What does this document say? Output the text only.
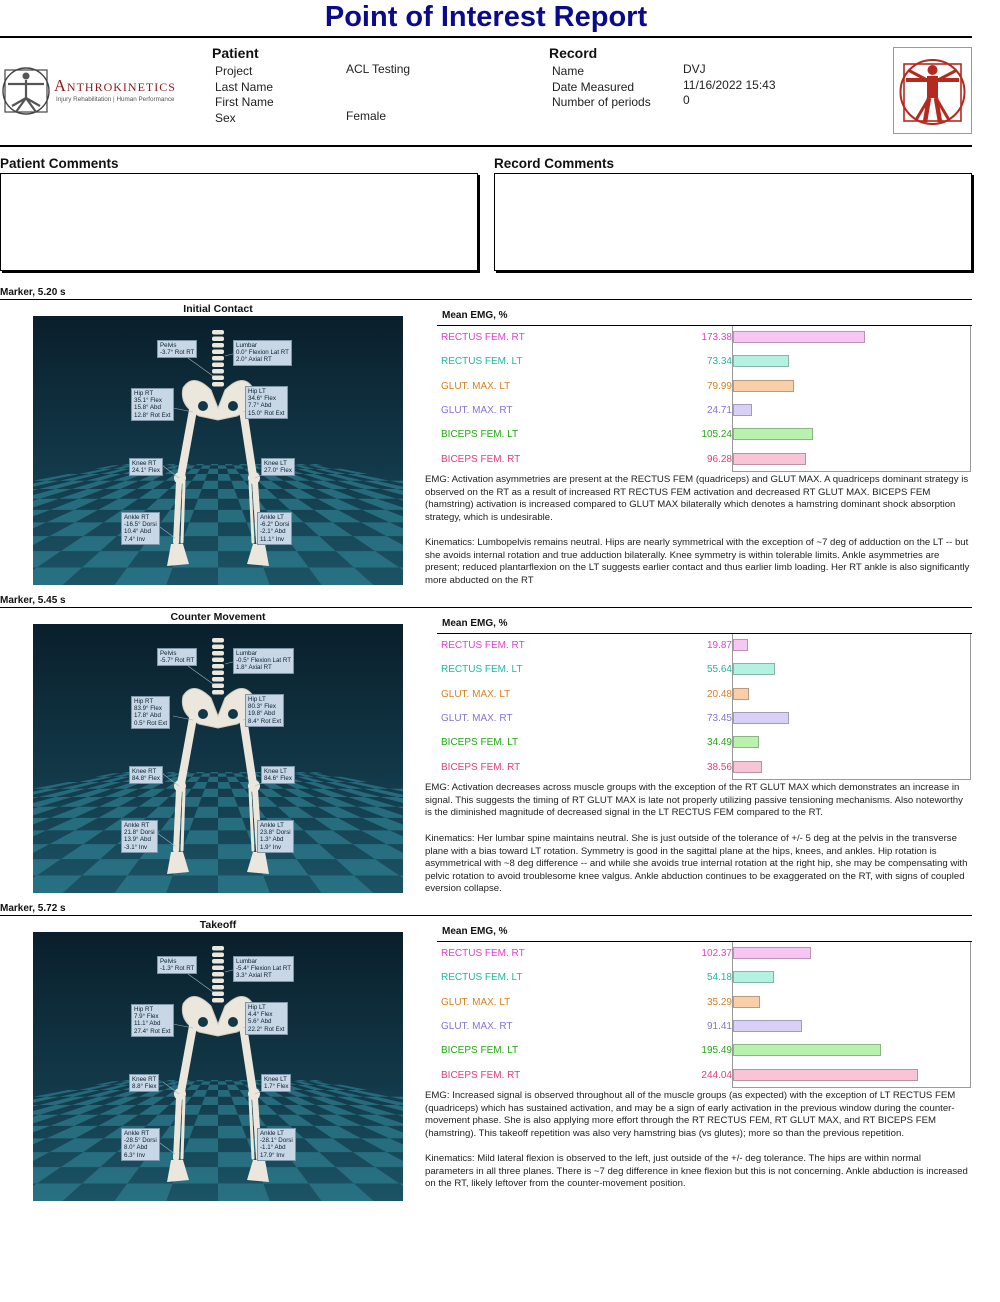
Point of Interest Report
Anthrokinetics
Injury Rehabilitation | Human Performance
Patient
Project	ACL Testing
Last Name
First Name
Sex	Female
Record
Name	DVJ
Date Measured	11/16/2022 15:43
Number of periods	0
Patient Comments	Record Comments
Marker, 5.20 s
Initial Contact
Pelvis
-3.7° Rot RT
Lumbar
0.0° Flexion Lat RT
2.0° Axial RT
Hip RT
35.1° Flex
15.8° Abd
12.8° Rot Ext
Hip LT
34.6° Flex
7.7° Abd
15.0° Rot Ext
Knee RT
24.1° Flex
Knee LT
27.0° Flex
Ankle RT
-16.5° Dorsi
10.4° Abd
7.4° Inv
Ankle LT
-6.2° Dorsi
-2.1° Abd
11.1° Inv
Mean EMG, %
RECTUS FEM. RT	173.38
RECTUS FEM. LT	73.34
GLUT. MAX. LT	79.99
GLUT. MAX. RT	24.71
BICEPS FEM. LT	105.24
BICEPS FEM. RT	96.28
EMG: Activation asymmetries are present at the RECTUS FEM (quadriceps) and GLUT MAX. A quadriceps dominant strategy is observed on the RT as a result of increased RT RECTUS FEM activation and decreased RT GLUT MAX. BICEPS FEM (hamstring) activation is increased compared to GLUT MAX bilaterally which denotes a hamstring dominant shock absorption strategy, which is undesirable.
Kinematics: Lumbopelvis remains neutral. Hips are nearly symmetrical with the exception of ~7 deg of adduction on the LT -- but she avoids internal rotation and true adduction bilaterally. Knee symmetry is within tolerable limits. Ankle asymmetries are present; reduced plantarflexion on the LT suggests earlier contact and thus earlier limb loading. Her RT ankle is also significantly more abducted on the RT
Marker, 5.45 s
Counter Movement
Pelvis
-5.7° Rot RT
Lumbar
-0.5° Flexion Lat RT
1.8° Axial RT
Hip RT
83.9° Flex
17.8° Abd
0.5° Rot Ext
Hip LT
80.3° Flex
19.8° Abd
8.4° Rot Ext
Knee RT
84.8° Flex
Knee LT
84.6° Flex
Ankle RT
21.8° Dorsi
13.9° Abd
-3.1° Inv
Ankle LT
23.8° Dorsi
1.3° Abd
1.9° Inv
Mean EMG, %
RECTUS FEM. RT	19.87
RECTUS FEM. LT	55.64
GLUT. MAX. LT	20.48
GLUT. MAX. RT	73.45
BICEPS FEM. LT	34.49
BICEPS FEM. RT	38.56
EMG: Activation decreases across muscle groups with the exception of the RT GLUT MAX which demonstrates an increase in signal. This suggests the timing of RT GLUT MAX is late not properly utilizing passive tensioning mechanisms. Also noteworthy is the diminished magnitude of decreased signal in the LT RECTUS FEM compared to the RT.
Kinematics: Her lumbar spine maintains neutral. She is just outside of the tolerance of +/- 5 deg at the pelvis in the transverse plane with a bias toward LT rotation. Symmetry is good in the sagittal plane at the hips, knees, and ankles. Hip rotation is asymmetrical with ~8 deg difference -- and while she avoids true internal rotation at the right hip, she may be compensating with pelvic rotation to avoid troublesome knee valgus. Ankle abduction continues to be exaggerated on the RT, with signs of coupled eversion collapse.
Marker, 5.72 s
Takeoff
Pelvis
-1.3° Rot RT
Lumbar
-5.4° Flexion Lat RT
3.3° Axial RT
Hip RT
7.9° Flex
11.1° Abd
27.4° Rot Ext
Hip LT
4.4° Flex
5.6° Abd
22.2° Rot Ext
Knee RT
8.8° Flex
Knee LT
1.7° Flex
Ankle RT
-28.5° Dorsi
8.0° Abd
6.3° Inv
Ankle LT
-28.1° Dorsi
-1.1° Abd
17.9° Inv
Mean EMG, %
RECTUS FEM. RT	102.37
RECTUS FEM. LT	54.18
GLUT. MAX. LT	35.29
GLUT. MAX. RT	91.41
BICEPS FEM. LT	195.49
BICEPS FEM. RT	244.04
EMG: Increased signal is observed throughout all of the muscle groups (as expected) with the exception of LT RECTUS FEM (quadriceps) which has sustained activation, and may be a sign of early activation in the previous window during the counter-movement phase. She is also applying more effort through the RT RECTUS FEM, RT GLUT MAX, and RT BICEPS FEM (hamstring). This takeoff repetition was also very hamstring bias (vs glutes); more so than the previous repetition.
Kinematics: Mild lateral flexion is observed to the left, just outside of the +/- deg tolerance. The hips are within normal parameters in all three planes. There is ~7 deg difference in knee flexion but this is not concerning. Ankle abduction is increased on the RT, likely leftover from the counter-movement position.
